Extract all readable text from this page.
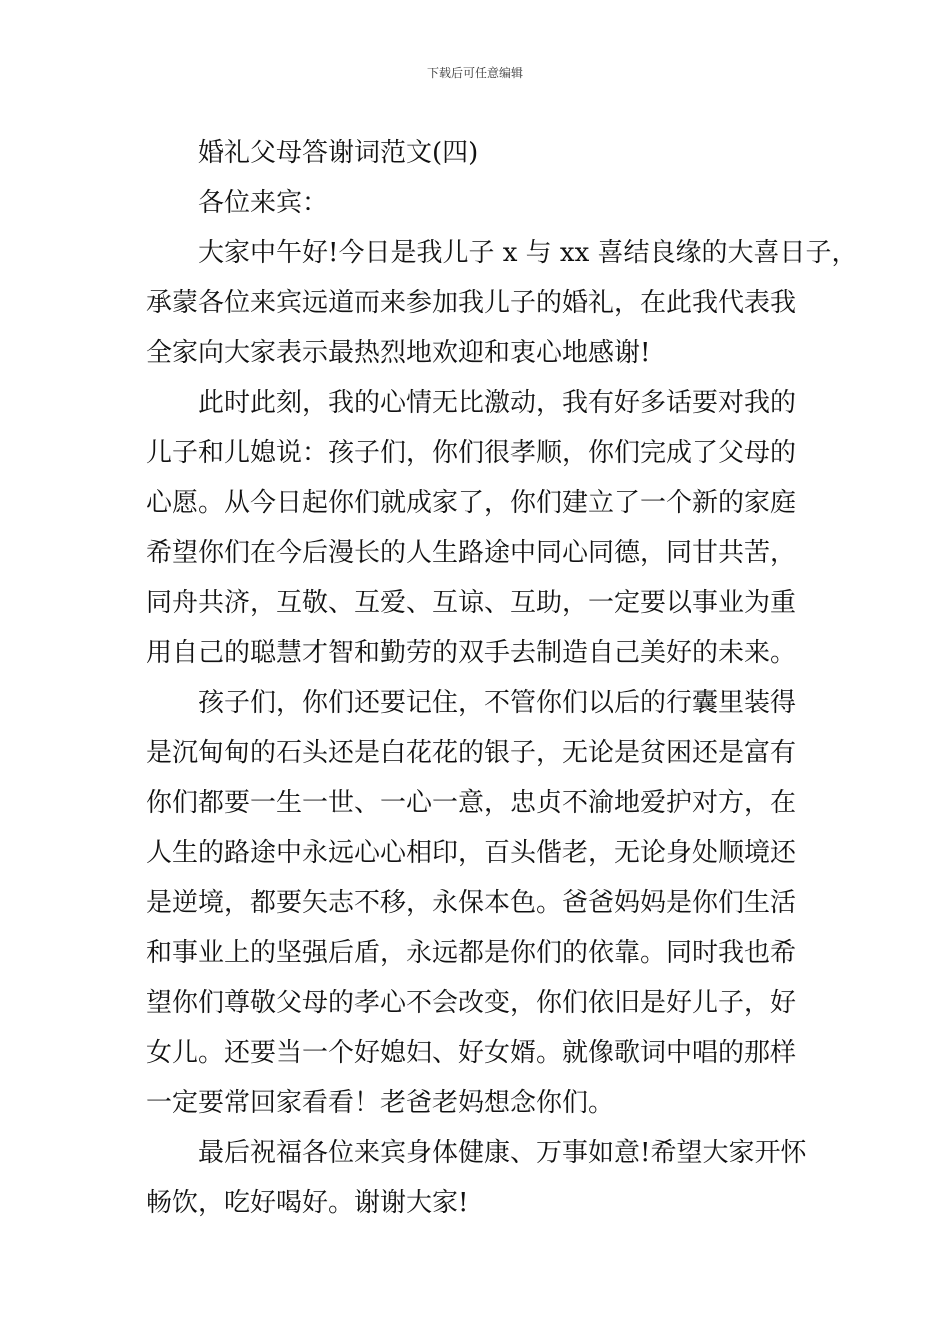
下载后可任意编辑
婚礼父母答谢词范文(四)
各位来宾：
大家中午好!今日是我儿子 x 与 xx 喜结良缘的大喜日子，
承蒙各位来宾远道而来参加我儿子的婚礼，在此我代表我
全家向大家表示最热烈地欢迎和衷心地感谢!
此时此刻，我的心情无比激动，我有好多话要对我的
儿子和儿媳说：孩子们，你们很孝顺，你们完成了父母的
心愿。从今日起你们就成家了，你们建立了一个新的家庭
希望你们在今后漫长的人生路途中同心同德，同甘共苦，
同舟共济，互敬、互爱、互谅、互助，一定要以事业为重
用自己的聪慧才智和勤劳的双手去制造自己美好的未来。
孩子们，你们还要记住，不管你们以后的行囊里装得
是沉甸甸的石头还是白花花的银子，无论是贫困还是富有
你们都要一生一世、一心一意，忠贞不渝地爱护对方，在
人生的路途中永远心心相印，百头偕老，无论身处顺境还
是逆境，都要矢志不移，永保本色。爸爸妈妈是你们生活
和事业上的坚强后盾，永远都是你们的依靠。同时我也希
望你们尊敬父母的孝心不会改变，你们依旧是好儿子，好
女儿。还要当一个好媳妇、好女婿。就像歌词中唱的那样
一定要常回家看看！老爸老妈想念你们。
最后祝福各位来宾身体健康、万事如意!希望大家开怀
畅饮，吃好喝好。谢谢大家!
